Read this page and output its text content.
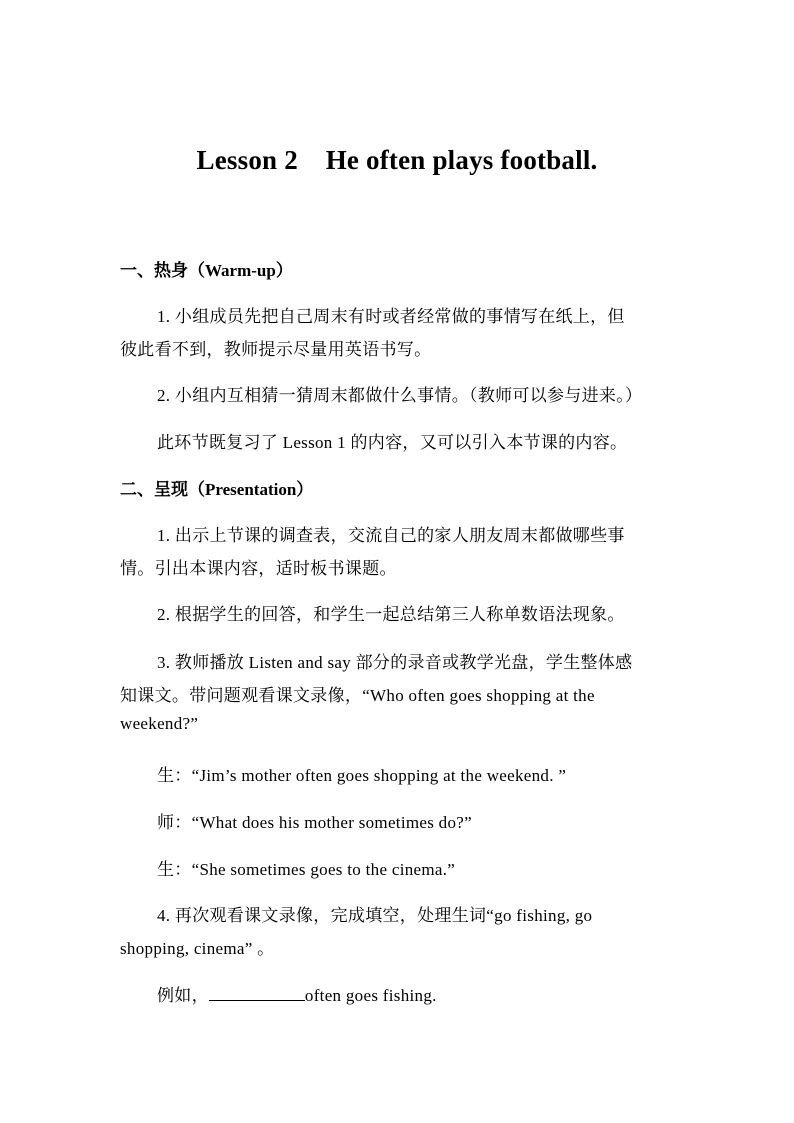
Lesson 2    He often plays football.
一、热身（Warm-up）
1. 小组成员先把自己周末有时或者经常做的事情写在纸上，但
彼此看不到，教师提示尽量用英语书写。
2. 小组内互相猜一猜周末都做什么事情。（教师可以参与进来。）
此环节既复习了 Lesson 1 的内容，又可以引入本节课的内容。
二、呈现（Presentation）
1. 出示上节课的调查表，交流自己的家人朋友周末都做哪些事
情。引出本课内容，适时板书课题。
2. 根据学生的回答，和学生一起总结第三人称单数语法现象。
3. 教师播放 Listen and say 部分的录音或教学光盘，学生整体感
知课文。带问题观看课文录像，“Who often goes shopping at the
weekend?”
生：“Jim’s mother often goes shopping at the weekend. ”
师：“What does his mother sometimes do?”
生：“She sometimes goes to the cinema.”
4. 再次观看课文录像，完成填空，处理生词“go fishing, go
shopping, cinema” 。
例如，	often goes fishing.
